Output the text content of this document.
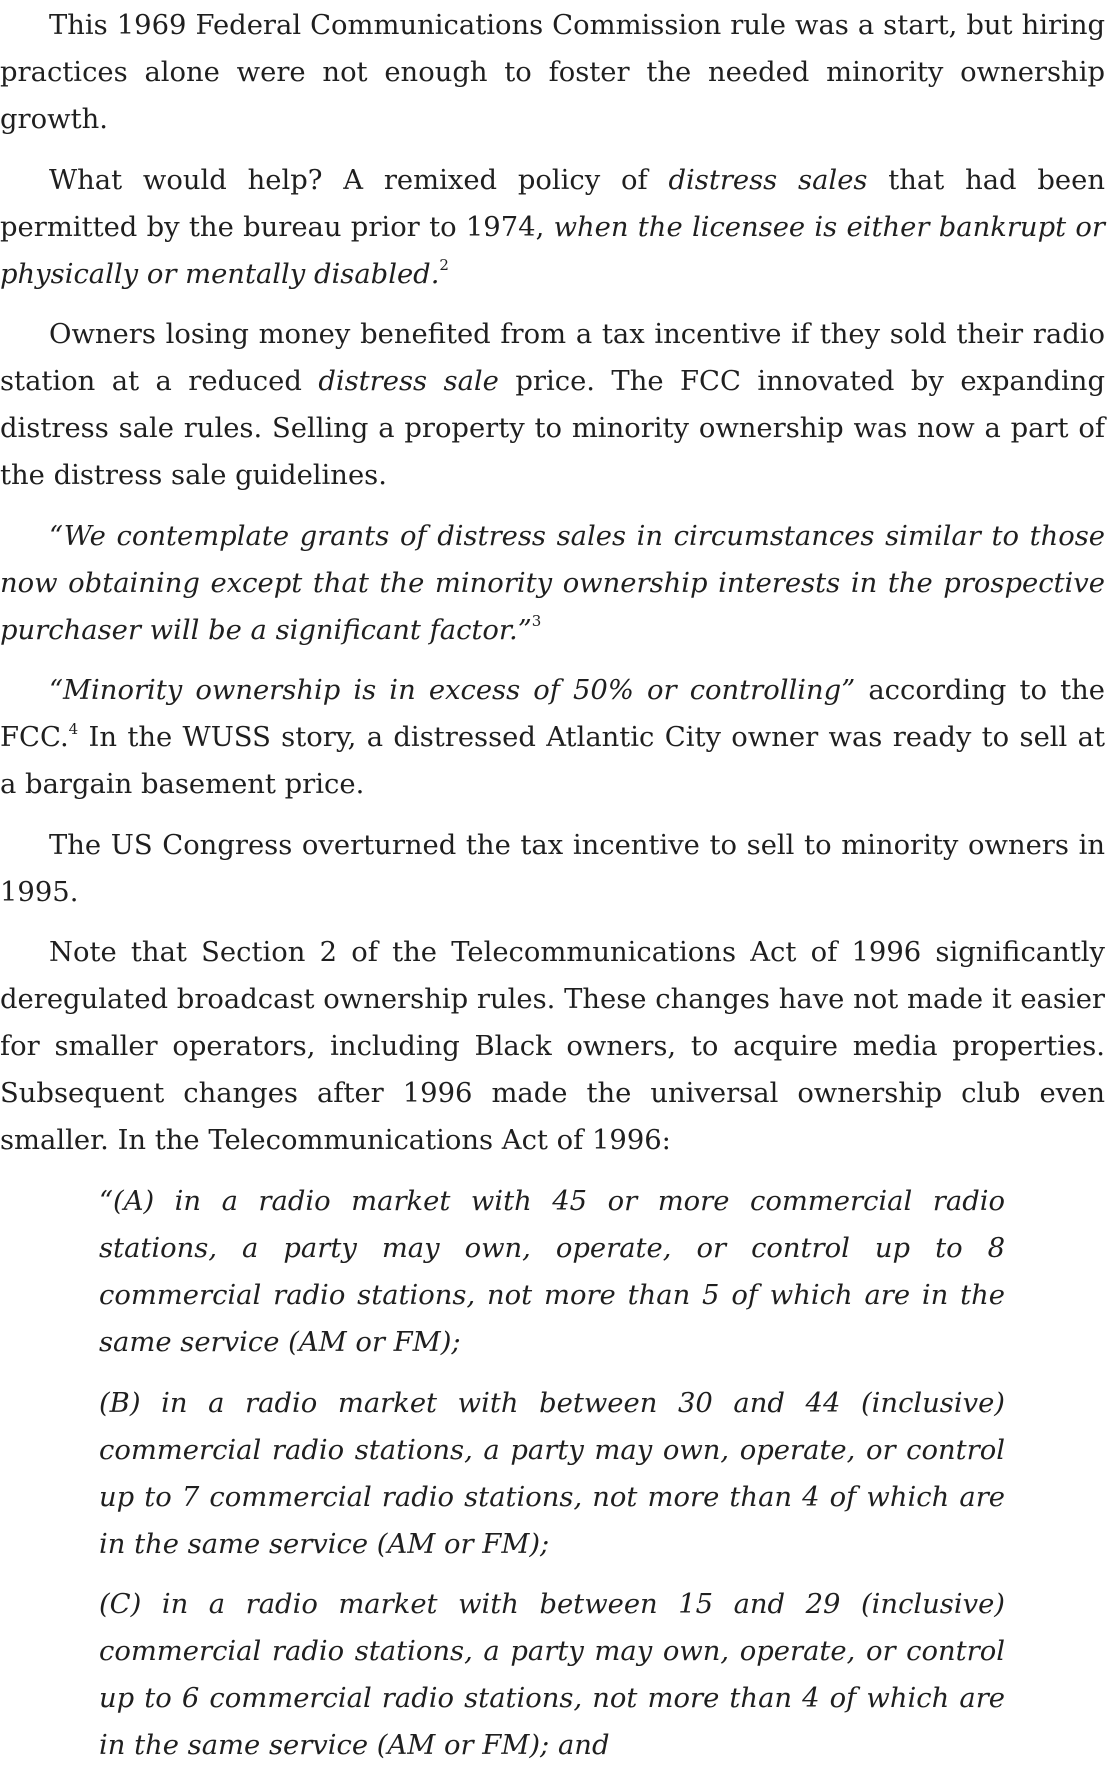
This 1969 Federal Communications Commission rule was a start, but hiring practices alone were not enough to foster the needed minority ownership growth.

What would help? A remixed policy of distress sales that had been permitted by the bureau prior to 1974, when the licensee is either bankrupt or physically or mentally disabled.$^2$

Owners losing money benefited from a tax incentive if they sold their radio station at a reduced distress sale price. The FCC innovated by expanding distress sale rules. Selling a property to minority ownership was now a part of the distress sale guidelines.

“We contemplate grants of distress sales in circumstances similar to those now obtaining except that the minority ownership interests in the prospective purchaser will be a significant factor.”$^3$

“Minority ownership is in excess of 50% or controlling” according to the FCC.$^4$ In the WUSS story, a distressed Atlantic City owner was ready to sell at a bargain basement price.

The US Congress overturned the tax incentive to sell to minority owners in 1995.

Note that Section 2 of the Telecommunications Act of 1996 significantly deregulated broadcast ownership rules. These changes have not made it easier for smaller operators, including Black owners, to acquire media properties. Subsequent changes after 1996 made the universal ownership club even smaller. In the Telecommunications Act of 1996:

“(A) in a radio market with 45 or more commercial radio stations, a party may own, operate, or control up to 8 commercial radio stations, not more than 5 of which are in the same service (AM or FM);

(B) in a radio market with between 30 and 44 (inclusive) commercial radio stations, a party may own, operate, or control up to 7 commercial radio stations, not more than 4 of which are in the same service (AM or FM);

(C) in a radio market with between 15 and 29 (inclusive) commercial radio stations, a party may own, operate, or control up to 6 commercial radio stations, not more than 4 of which are in the same service (AM or FM); and
